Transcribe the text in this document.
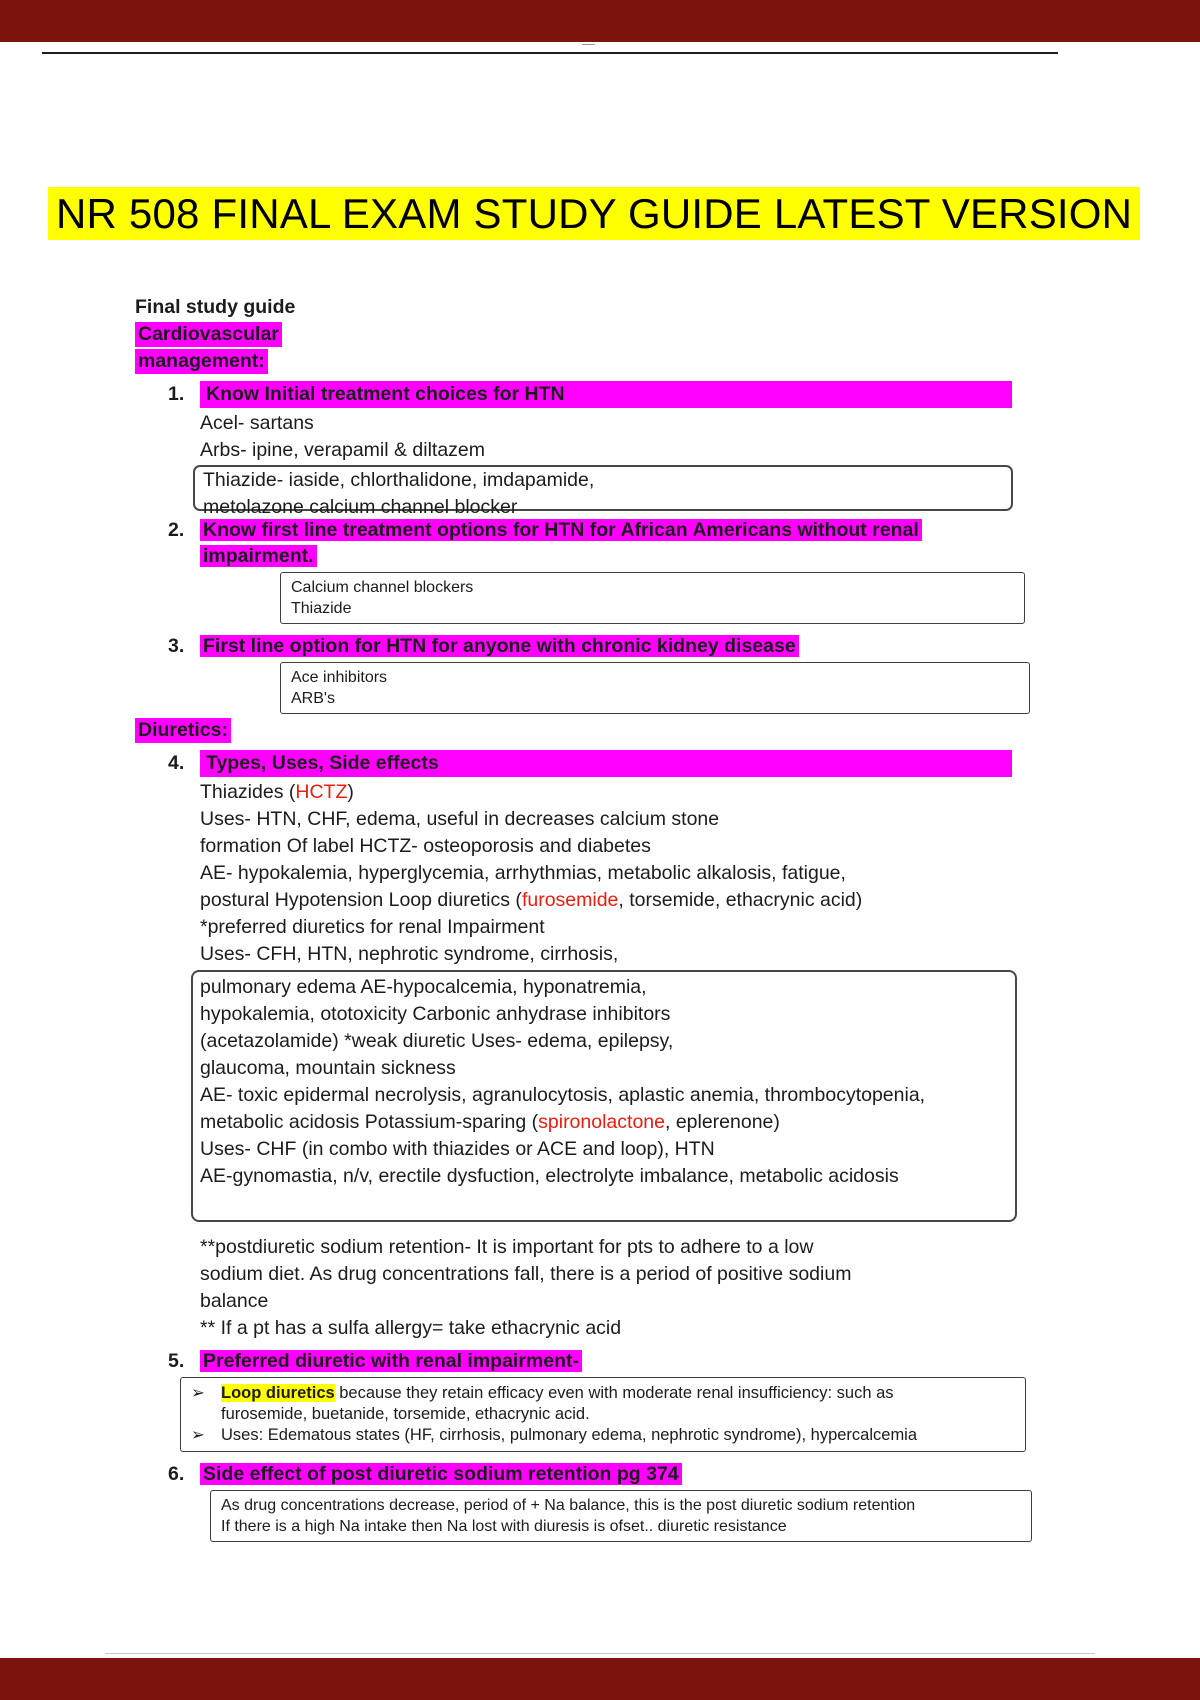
—
NR 508 FINAL EXAM STUDY GUIDE LATEST VERSION
Final study guide
Cardiovascular
management:
1.	Know Initial treatment choices for HTN
Acel- sartans
Arbs- ipine, verapamil & diltazem
Thiazide- iaside, chlorthalidone, imdapamide,
metolazone calcium channel blocker
2. Know first line treatment options for HTN for African Americans without renal
impairment.
Calcium channel blockers
Thiazide
3. First line option for HTN for anyone with chronic kidney disease
Ace inhibitors
ARB's
Diuretics:
4.	Types, Uses, Side effects
Thiazides (HCTZ)
Uses- HTN, CHF, edema, useful in decreases calcium stone
formation Of label HCTZ- osteoporosis and diabetes
AE- hypokalemia, hyperglycemia, arrhythmias, metabolic alkalosis, fatigue,
postural Hypotension Loop diuretics (furosemide, torsemide, ethacrynic acid)
*preferred diuretics for renal Impairment
Uses- CFH, HTN, nephrotic syndrome, cirrhosis,
pulmonary edema AE-hypocalcemia, hyponatremia,
hypokalemia, ototoxicity Carbonic anhydrase inhibitors
(acetazolamide) *weak diuretic Uses- edema, epilepsy,
glaucoma, mountain sickness
AE- toxic epidermal necrolysis, agranulocytosis, aplastic anemia, thrombocytopenia,
metabolic acidosis Potassium-sparing (spironolactone, eplerenone)
Uses- CHF (in combo with thiazides or ACE and loop), HTN
AE-gynomastia, n/v, erectile dysfuction, electrolyte imbalance, metabolic acidosis
**postdiuretic sodium retention- It is important for pts to adhere to a low
sodium diet. As drug concentrations fall, there is a period of positive sodium
balance
** If a pt has a sulfa allergy= take ethacrynic acid
5. Preferred diuretic with renal impairment-
➢ Loop diuretics because they retain efficacy even with moderate renal insufficiency: such as
furosemide, buetanide, torsemide, ethacrynic acid.
➢ Uses: Edematous states (HF, cirrhosis, pulmonary edema, nephrotic syndrome), hypercalcemia
6. Side effect of post diuretic sodium retention pg 374
As drug concentrations decrease, period of + Na balance, this is the post diuretic sodium retention
If there is a high Na intake then Na lost with diuresis is ofset.. diuretic resistance
